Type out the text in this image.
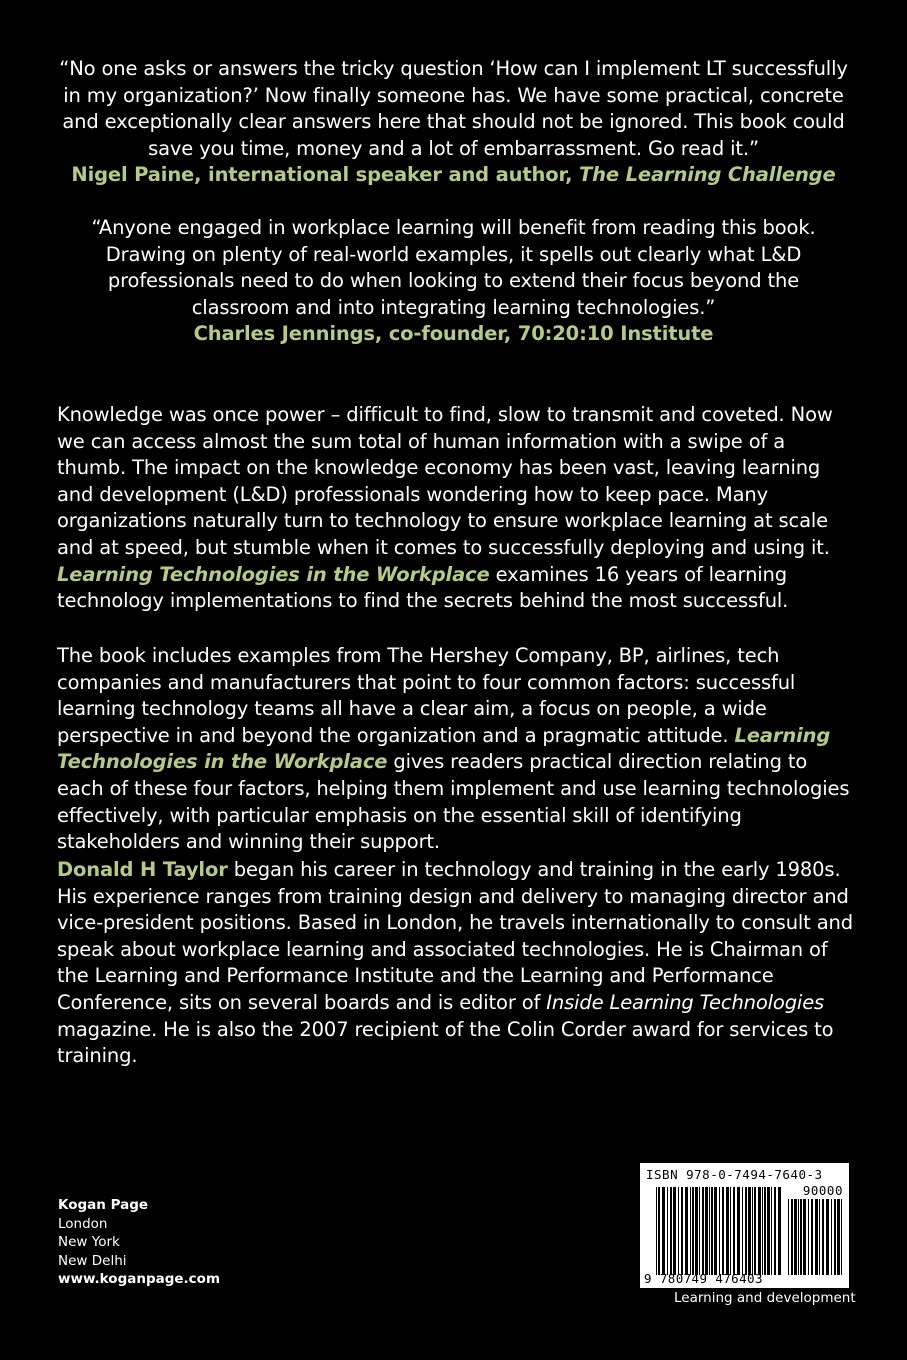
“No one asks or answers the tricky question ‘How can I implement LT successfully in my organization?’ Now finally someone has. We have some practical, concrete and exceptionally clear answers here that should not be ignored. This book could save you time, money and a lot of embarrassment. Go read it.”
Nigel Paine, international speaker and author, The Learning Challenge
“Anyone engaged in workplace learning will benefit from reading this book. Drawing on plenty of real-world examples, it spells out clearly what L&D professionals need to do when looking to extend their focus beyond the classroom and into integrating learning technologies.”
Charles Jennings, co-founder, 70:20:10 Institute

Knowledge was once power – difficult to find, slow to transmit and coveted. Now we can access almost the sum total of human information with a swipe of a thumb. The impact on the knowledge economy has been vast, leaving learning and development (L&D) professionals wondering how to keep pace. Many organizations naturally turn to technology to ensure workplace learning at scale and at speed, but stumble when it comes to successfully deploying and using it. Learning Technologies in the Workplace examines 16 years of learning technology implementations to find the secrets behind the most successful.

The book includes examples from The Hershey Company, BP, airlines, tech companies and manufacturers that point to four common factors: successful learning technology teams all have a clear aim, a focus on people, a wide perspective in and beyond the organization and a pragmatic attitude. Learning Technologies in the Workplace gives readers practical direction relating to each of these four factors, helping them implement and use learning technologies effectively, with particular emphasis on the essential skill of identifying stakeholders and winning their support.

Donald H Taylor began his career in technology and training in the early 1980s. His experience ranges from training design and delivery to managing director and vice-president positions. Based in London, he travels internationally to consult and speak about workplace learning and associated technologies. He is Chairman of the Learning and Performance Institute and the Learning and Performance Conference, sits on several boards and is editor of Inside Learning Technologies magazine. He is also the 2007 recipient of the Colin Corder award for services to training.

Kogan Page
London
New York
New Delhi
www.koganpage.com
ISBN 978-0-7494-7640-3
90000
9 780749 476403
Learning and development
